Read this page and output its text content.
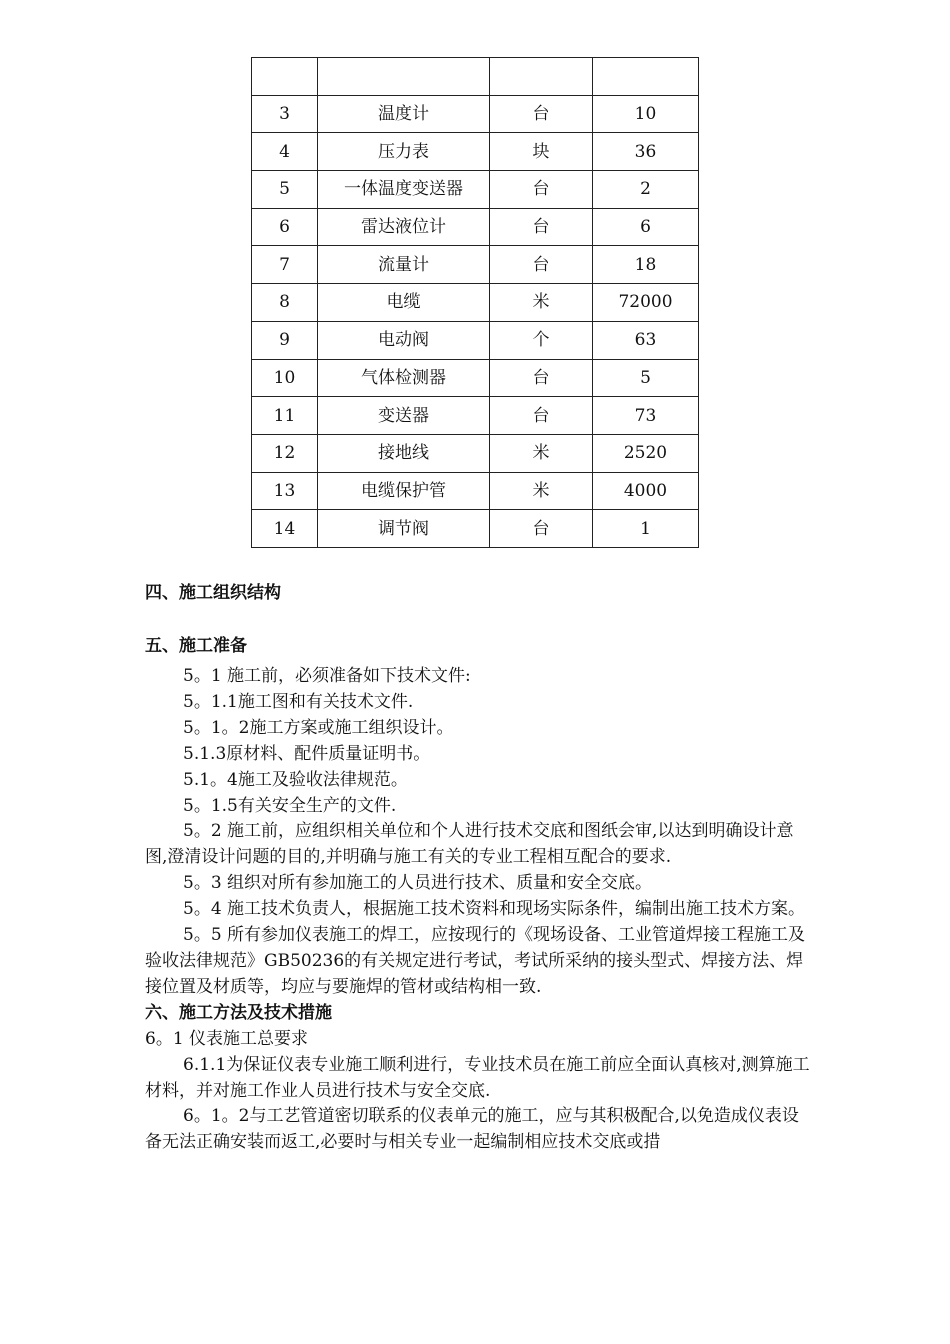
3	温度计	台	10
4	压力表	块	36
5	一体温度变送器	台	2
6	雷达液位计	台	6
7	流量计	台	18
8	电缆	米	72000
9	电动阀	个	63
10	气体检测器	台	5
11	变送器	台	73
12	接地线	米	2520
13	电缆保护管	米	4000
14	调节阀	台	1
四、施工组织结构
五、施工准备

5。1 施工前，必须准备如下技术文件:

5。1.1施工图和有关技术文件.

5。1。2施工方案或施工组织设计。

5.1.3原材料、配件质量证明书。

5.1。4施工及验收法律规范。

5。1.5有关安全生产的文件.

5。2 施工前，应组织相关单位和个人进行技术交底和图纸会审,以达到明确设计意图,澄清设计问题的目的,并明确与施工有关的专业工程相互配合的要求.

5。3 组织对所有参加施工的人员进行技术、质量和安全交底。

5。4 施工技术负责人，根据施工技术资料和现场实际条件，编制出施工技术方案。

5。5 所有参加仪表施工的焊工，应按现行的《现场设备、工业管道焊接工程施工及验收法律规范》GB50236的有关规定进行考试，考试所采纳的接头型式、焊接方法、焊接位置及材质等，均应与要施焊的管材或结构相一致.

六、施工方法及技术措施

6。1 仪表施工总要求

6.1.1为保证仪表专业施工顺利进行，专业技术员在施工前应全面认真核对,测算施工材料，并对施工作业人员进行技术与安全交底.

6。1。2与工艺管道密切联系的仪表单元的施工，应与其积极配合,以免造成仪表设备无法正确安装而返工,必要时与相关专业一起编制相应技术交底或措
